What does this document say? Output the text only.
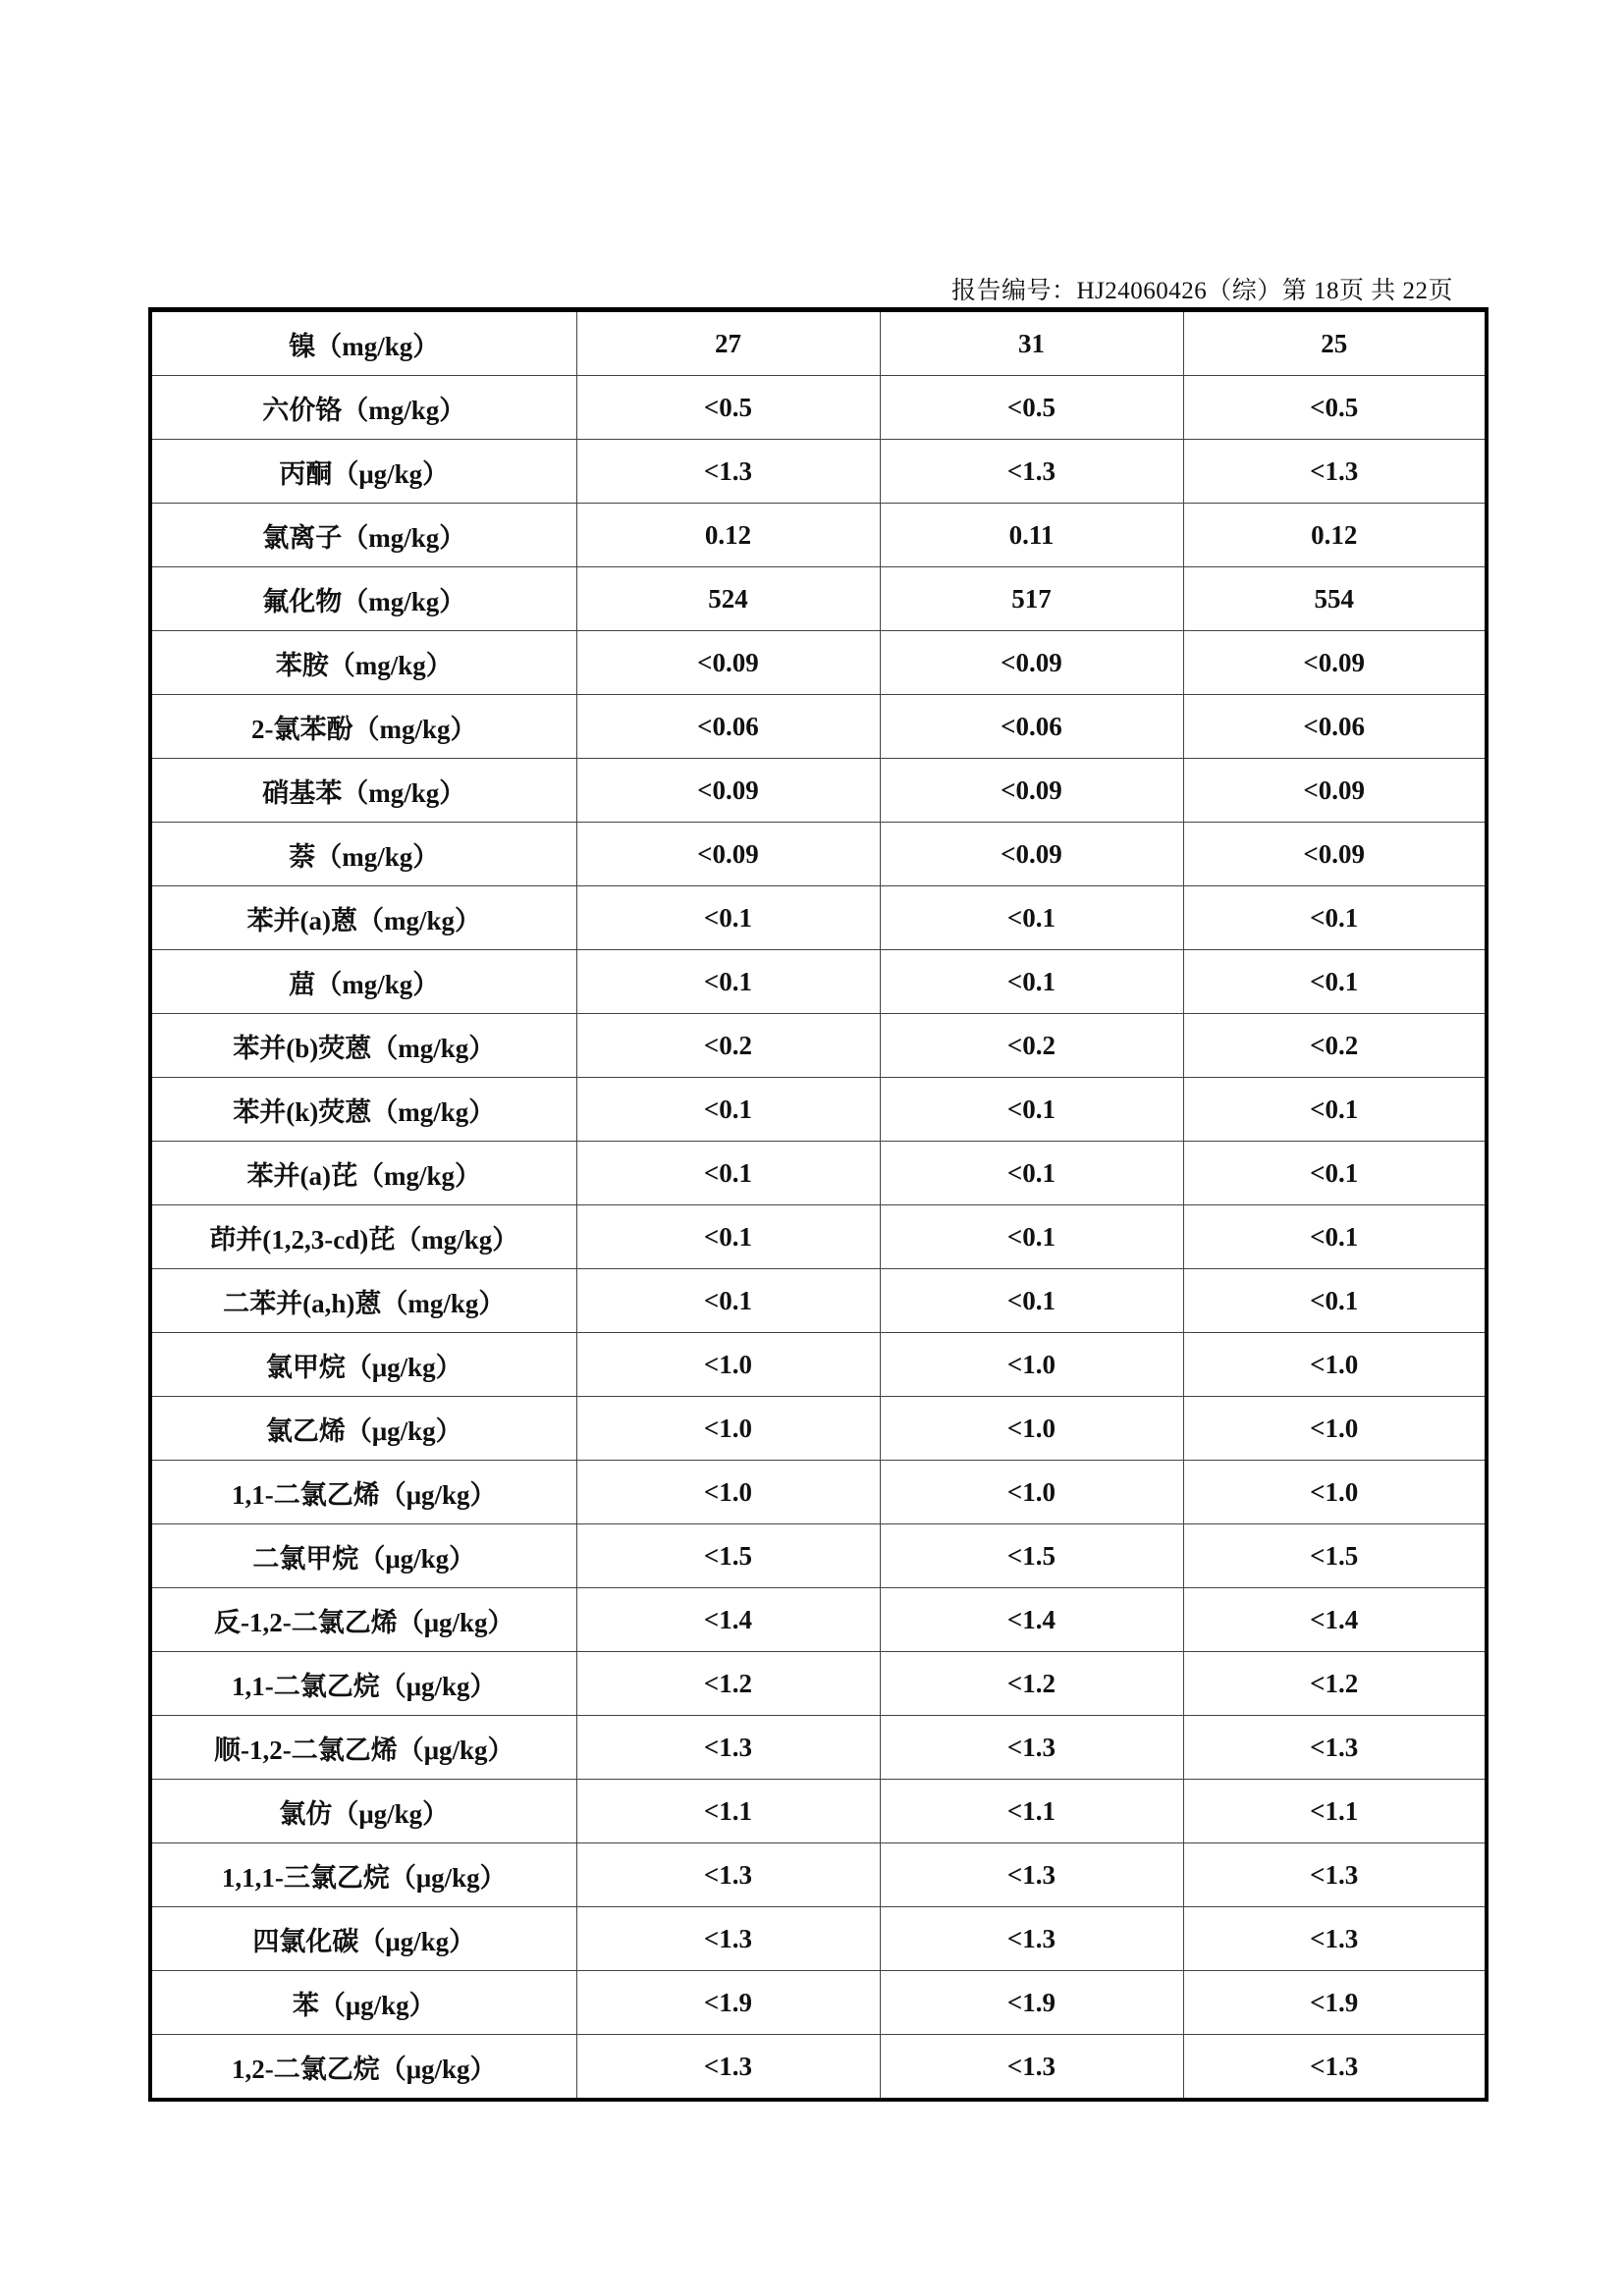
报告编号：HJ24060426（综）第 18页 共 22页
镍（mg/kg）	27	31	25
六价铬（mg/kg）	<0.5	<0.5	<0.5
丙酮（μg/kg）	<1.3	<1.3	<1.3
氯离子（mg/kg）	0.12	0.11	0.12
氟化物（mg/kg）	524	517	554
苯胺（mg/kg）	<0.09	<0.09	<0.09
2-氯苯酚（mg/kg）	<0.06	<0.06	<0.06
硝基苯（mg/kg）	<0.09	<0.09	<0.09
萘（mg/kg）	<0.09	<0.09	<0.09
苯并(a)蒽（mg/kg）	<0.1	<0.1	<0.1
䓛（mg/kg）	<0.1	<0.1	<0.1
苯并(b)荧蒽（mg/kg）	<0.2	<0.2	<0.2
苯并(k)荧蒽（mg/kg）	<0.1	<0.1	<0.1
苯并(a)芘（mg/kg）	<0.1	<0.1	<0.1
茚并(1,2,3-cd)芘（mg/kg）	<0.1	<0.1	<0.1
二苯并(a,h)蒽（mg/kg）	<0.1	<0.1	<0.1
氯甲烷（μg/kg）	<1.0	<1.0	<1.0
氯乙烯（μg/kg）	<1.0	<1.0	<1.0
1,1-二氯乙烯（μg/kg）	<1.0	<1.0	<1.0
二氯甲烷（μg/kg）	<1.5	<1.5	<1.5
反-1,2-二氯乙烯（μg/kg）	<1.4	<1.4	<1.4
1,1-二氯乙烷（μg/kg）	<1.2	<1.2	<1.2
顺-1,2-二氯乙烯（μg/kg）	<1.3	<1.3	<1.3
氯仿（μg/kg）	<1.1	<1.1	<1.1
1,1,1-三氯乙烷（μg/kg）	<1.3	<1.3	<1.3
四氯化碳（μg/kg）	<1.3	<1.3	<1.3
苯（μg/kg）	<1.9	<1.9	<1.9
1,2-二氯乙烷（μg/kg）	<1.3	<1.3	<1.3
